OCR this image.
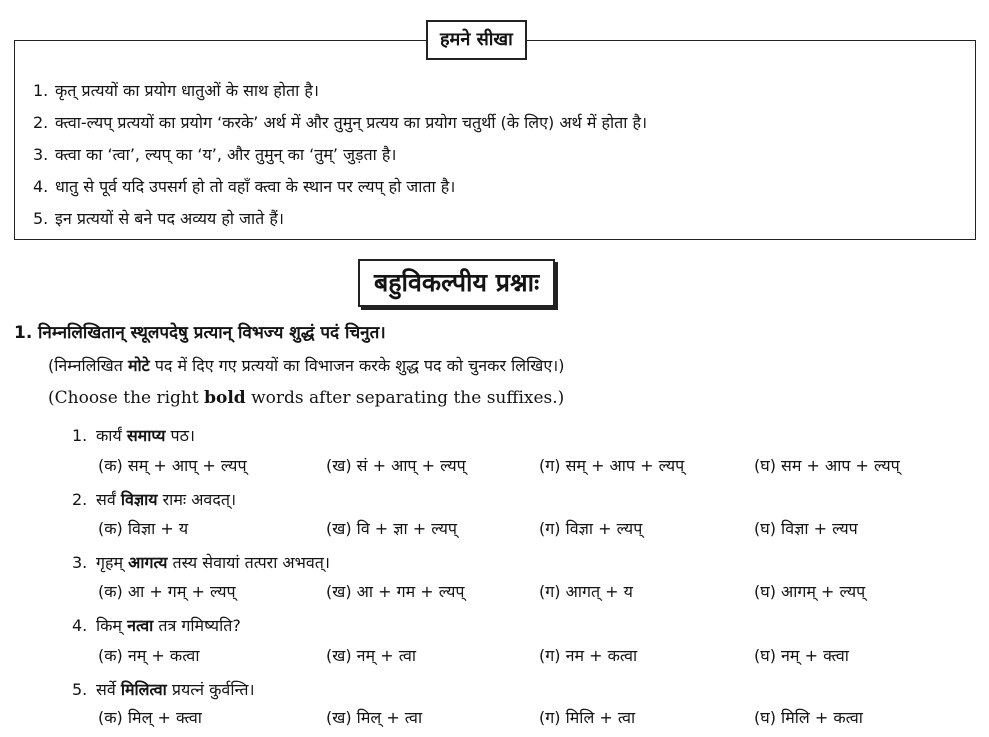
1. कृत् प्रत्ययों का प्रयोग धातुओं के साथ होता है।
2. क्त्वा-ल्यप् प्रत्ययों का प्रयोग ‘करके’ अर्थ में और तुमुन् प्रत्यय का प्रयोग चतुर्थी (के लिए) अर्थ में होता है।
3. क्त्वा का ‘त्वा’, ल्यप् का ‘य’, और तुमुन् का ‘तुम्’ जुड़ता है।
4. धातु से पूर्व यदि उपसर्ग हो तो वहाँ क्त्वा के स्थान पर ल्यप् हो जाता है।
5. इन प्रत्ययों से बने पद अव्यय हो जाते हैं।
हमने सीखा
बहुविकल्पीय प्रश्नाः
1. निम्नलिखितान् स्थूलपदेषु प्रत्यान् विभज्य शुद्धं पदं चिनुत।
(निम्नलिखित मोटे पद में दिए गए प्रत्ययों का विभाजन करके शुद्ध पद को चुनकर लिखिए।)
(Choose the right bold words after separating the suffixes.)
1. कार्यं समाप्य पठ।
(क) सम् + आप् + ल्यप्	(ख) सं + आप् + ल्यप्	(ग) सम् + आप + ल्यप्	(घ) सम + आप + ल्यप्
2. सर्वं विज्ञाय रामः अवदत्।
(क) विज्ञा + य	(ख) वि + ज्ञा + ल्यप्	(ग) विज्ञा + ल्यप्	(घ) विज्ञा + ल्यप
3. गृहम् आगत्य तस्य सेवायां तत्परा अभवत्।
(क) आ + गम् + ल्यप्	(ख) आ + गम + ल्यप्	(ग) आगत् + य	(घ) आगम् + ल्यप्
4. किम् नत्वा तत्र गमिष्यति?
(क) नम् + कत्वा	(ख) नम् + त्वा	(ग) नम + कत्वा	(घ) नम् + क्त्वा
5. सर्वे मिलित्वा प्रयत्नं कुर्वन्ति।
(क) मिल् + क्त्वा	(ख) मिल् + त्वा	(ग) मिलि + त्वा	(घ) मिलि + कत्वा
